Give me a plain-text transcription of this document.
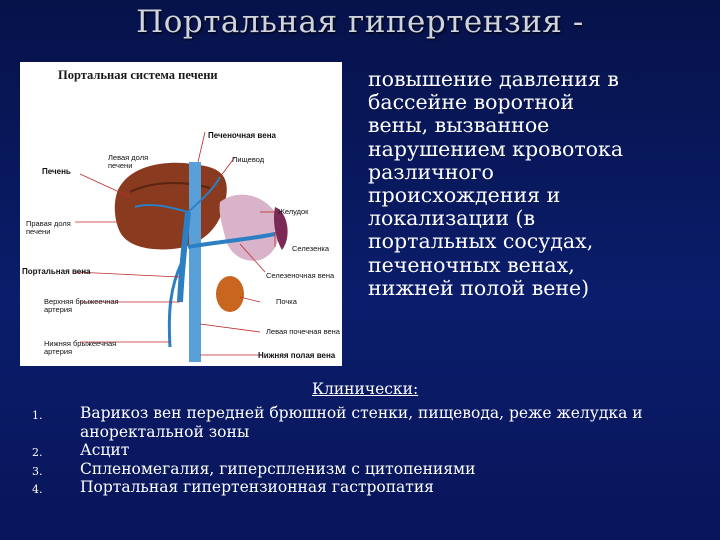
Портальная гипертензия -
Портальная система печени
Печеночная вена
Левая доля печени
Пищевод
Печень
Желудок
Правая доля печени
Селезенка
Портальная вена	Селезеночная вена
Почка
Верхняя брыжеечная артерия
Левая почечная вена
Нижняя брыжеечная артерия	Нижняя полая вена
повышение давления в
бассейне воротной
вены, вызванное
нарушением кровотока
различного
происхождения и
локализации (в
портальных сосудах,
печеночных венах,
нижней полой вене)
Клинически:
1. Варикоз вен передней брюшной стенки, пищевода, реже желудка и аноректальной зоны
2. Асцит
3. Спленомегалия, гиперспленизм с цитопениями
4. Портальная гипертензионная гастропатия
